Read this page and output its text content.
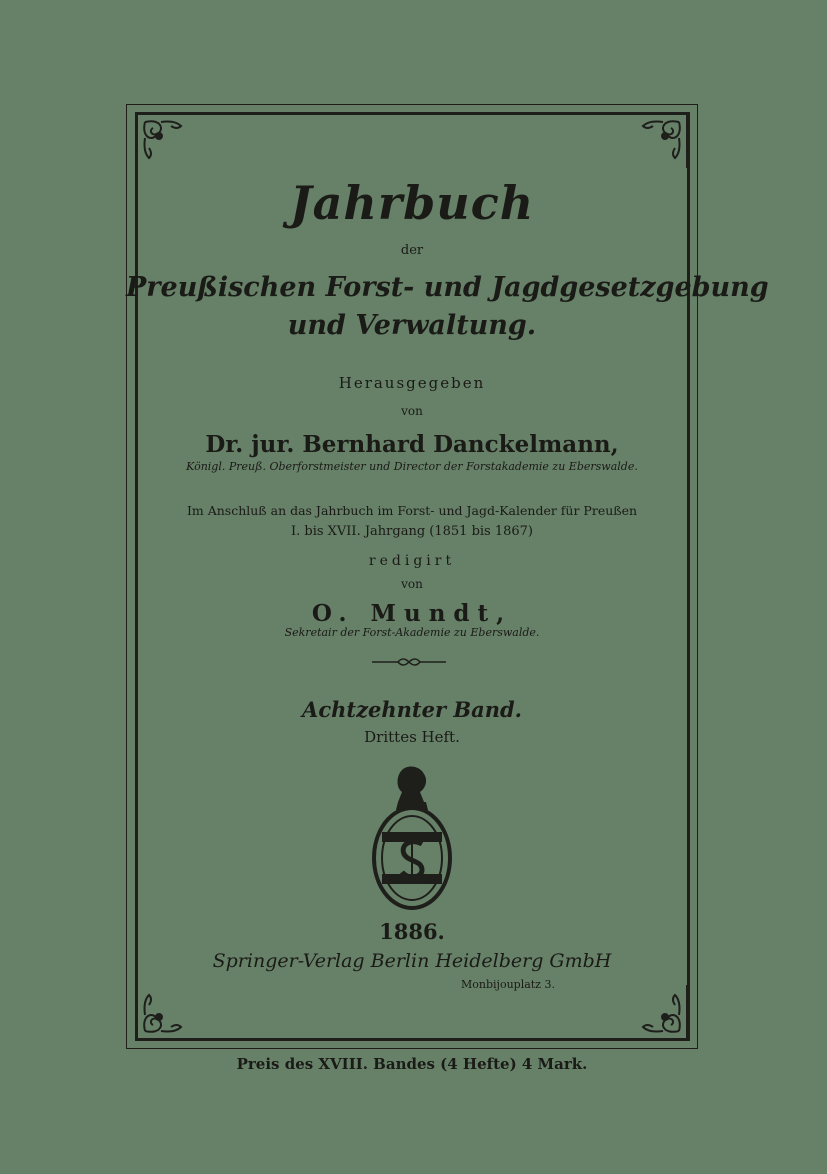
Jahrbuch
der
Preußischen Forst- und Jagdgesetzgebung
und Verwaltung.
Herausgegeben
von
Dr. jur. Bernhard Danckelmann,
Königl. Preuß. Oberforstmeister und Director der Forstakademie zu Eberswalde.
Im Anschluß an das Jahrbuch im Forst- und Jagd-Kalender für Preußen
I. bis XVII. Jahrgang (1851 bis 1867)
redigirt
von
O. Mundt,
Sekretair der Forst-Akademie zu Eberswalde.
Achtzehnter Band.
Drittes Heft.
1886.
Springer-Verlag Berlin Heidelberg GmbH
Monbijouplatz 3.
Preis des XVIII. Bandes (4 Hefte) 4 Mark.
